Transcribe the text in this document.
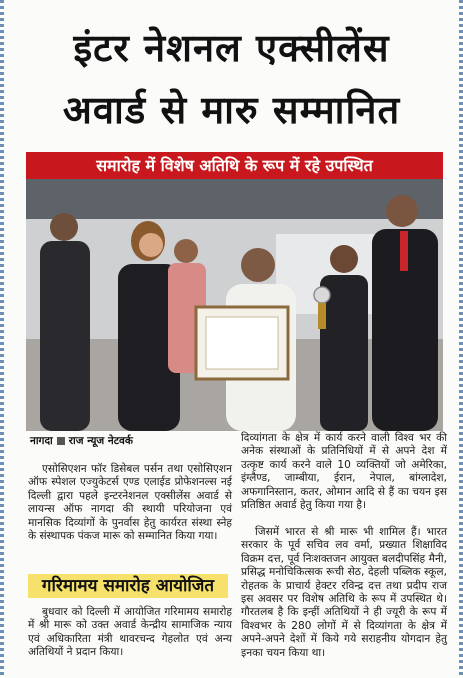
इंटर नेशनल एक्सीलेंस
अवार्ड से मारु सम्मानित
समारोह में विशेष अतिथि के रूप में रहे उपस्थित
नागदा राज न्यूज नेटवर्क
एसोसिएशन फॉर डिसेबल पर्सन तथा एसोसिएशन ऑफ स्पेशल एज्युकेटर्स एण्ड एलाईड प्रोफेशनल्स नई दिल्ली द्वारा पहले इन्टरनेशनल एक्सीलेंस अवार्ड से लायन्स ऑफ नागदा की स्थायी परियोजना एवं मानसिक दिव्यांगों के पुनर्वास हेतु कार्यरत संस्था स्नेह के संस्थापक पंकज मारू को सम्मानित किया गया।
गरिमामय समारोह आयोजित
बुधवार को दिल्ली में आयोजित गरिमामय समारोह में श्री मारू को उक्त अवार्ड केन्द्रीय सामाजिक न्याय एवं अधिकारिता मंत्री थावरचन्द गेहलोत एवं अन्य अतिथियों ने प्रदान किया।
दिव्यांगता के क्षेत्र में कार्य करने वाली विश्व भर की अनेक संस्थाओं के प्रतिनिधियों में से अपने देश में उत्कृष्ट कार्य करने वाले 10 व्यक्तियों जो अमेरिका, इंग्लैण्ड, जाम्बीया, ईरान, नेपाल, बांग्लादेश, अफगानिस्तान, कतर, ओमान आदि से हैं का चयन इस प्रतिष्ठित अवार्ड हेतु किया गया है।
जिसमें भारत से श्री मारू भी शामिल हैं। भारत सरकार के पूर्व सचिव लव वर्मा, प्रख्यात शिक्षाविद विक्रम दत्त, पूर्व निःशक्तजन आयुक्त बलदीपसिंह मैनी, प्रसिद्ध मनोचिकित्सक रूची सेठ, देहली पब्लिक स्कूल, रोहतक के प्राचार्य हेक्टर रविन्द्र दत्त तथा प्रदीप राज इस अवसर पर विशेष अतिथि के रूप में उपस्थित थे। गौरतलब है कि इन्हीं अतिथियों ने ही ज्यूरी के रूप में विश्वभर के 280 लोगों में से दिव्यांगता के क्षेत्र में अपने-अपने देशों में किये गये सराहनीय योगदान हेतु इनका चयन किया था।
